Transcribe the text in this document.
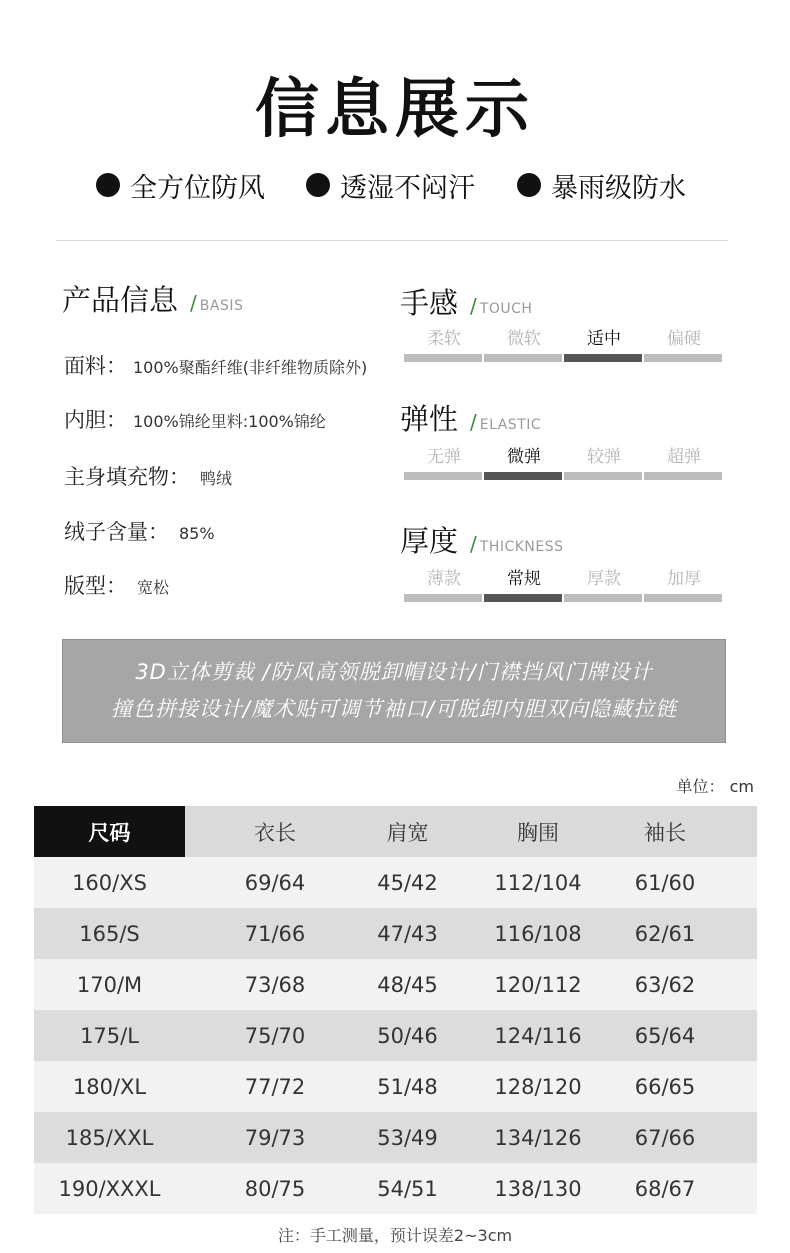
信息展示
全方位防风	透湿不闷汗	暴雨级防水
产品信息 / BASIS
面料： 100%聚酯纤维(非纤维物质除外)
内胆： 100%锦纶里料:100%锦纶
主身填充物： 鸭绒
绒子含量： 85%
版型： 宽松
手感 / TOUCH
柔软	微软	适中	偏硬
弹性 / ELASTIC
无弹	微弹	较弹	超弹
厚度 / THICKNESS
薄款	常规	厚款	加厚
3D立体剪裁 /防风高领脱卸帽设计/门襟挡风门牌设计
撞色拼接设计/魔术贴可调节袖口/可脱卸内胆双向隐藏拉链
单位： cm
尺码	衣长	肩宽	胸围	袖长
160/XS	69/64	45/42	112/104	61/60
165/S	71/66	47/43	116/108	62/61
170/M	73/68	48/45	120/112	63/62
175/L	75/70	50/46	124/116	65/64
180/XL	77/72	51/48	128/120	66/65
185/XXL	79/73	53/49	134/126	67/66
190/XXXL	80/75	54/51	138/130	68/67
注：手工测量，预计误差2~3cm
